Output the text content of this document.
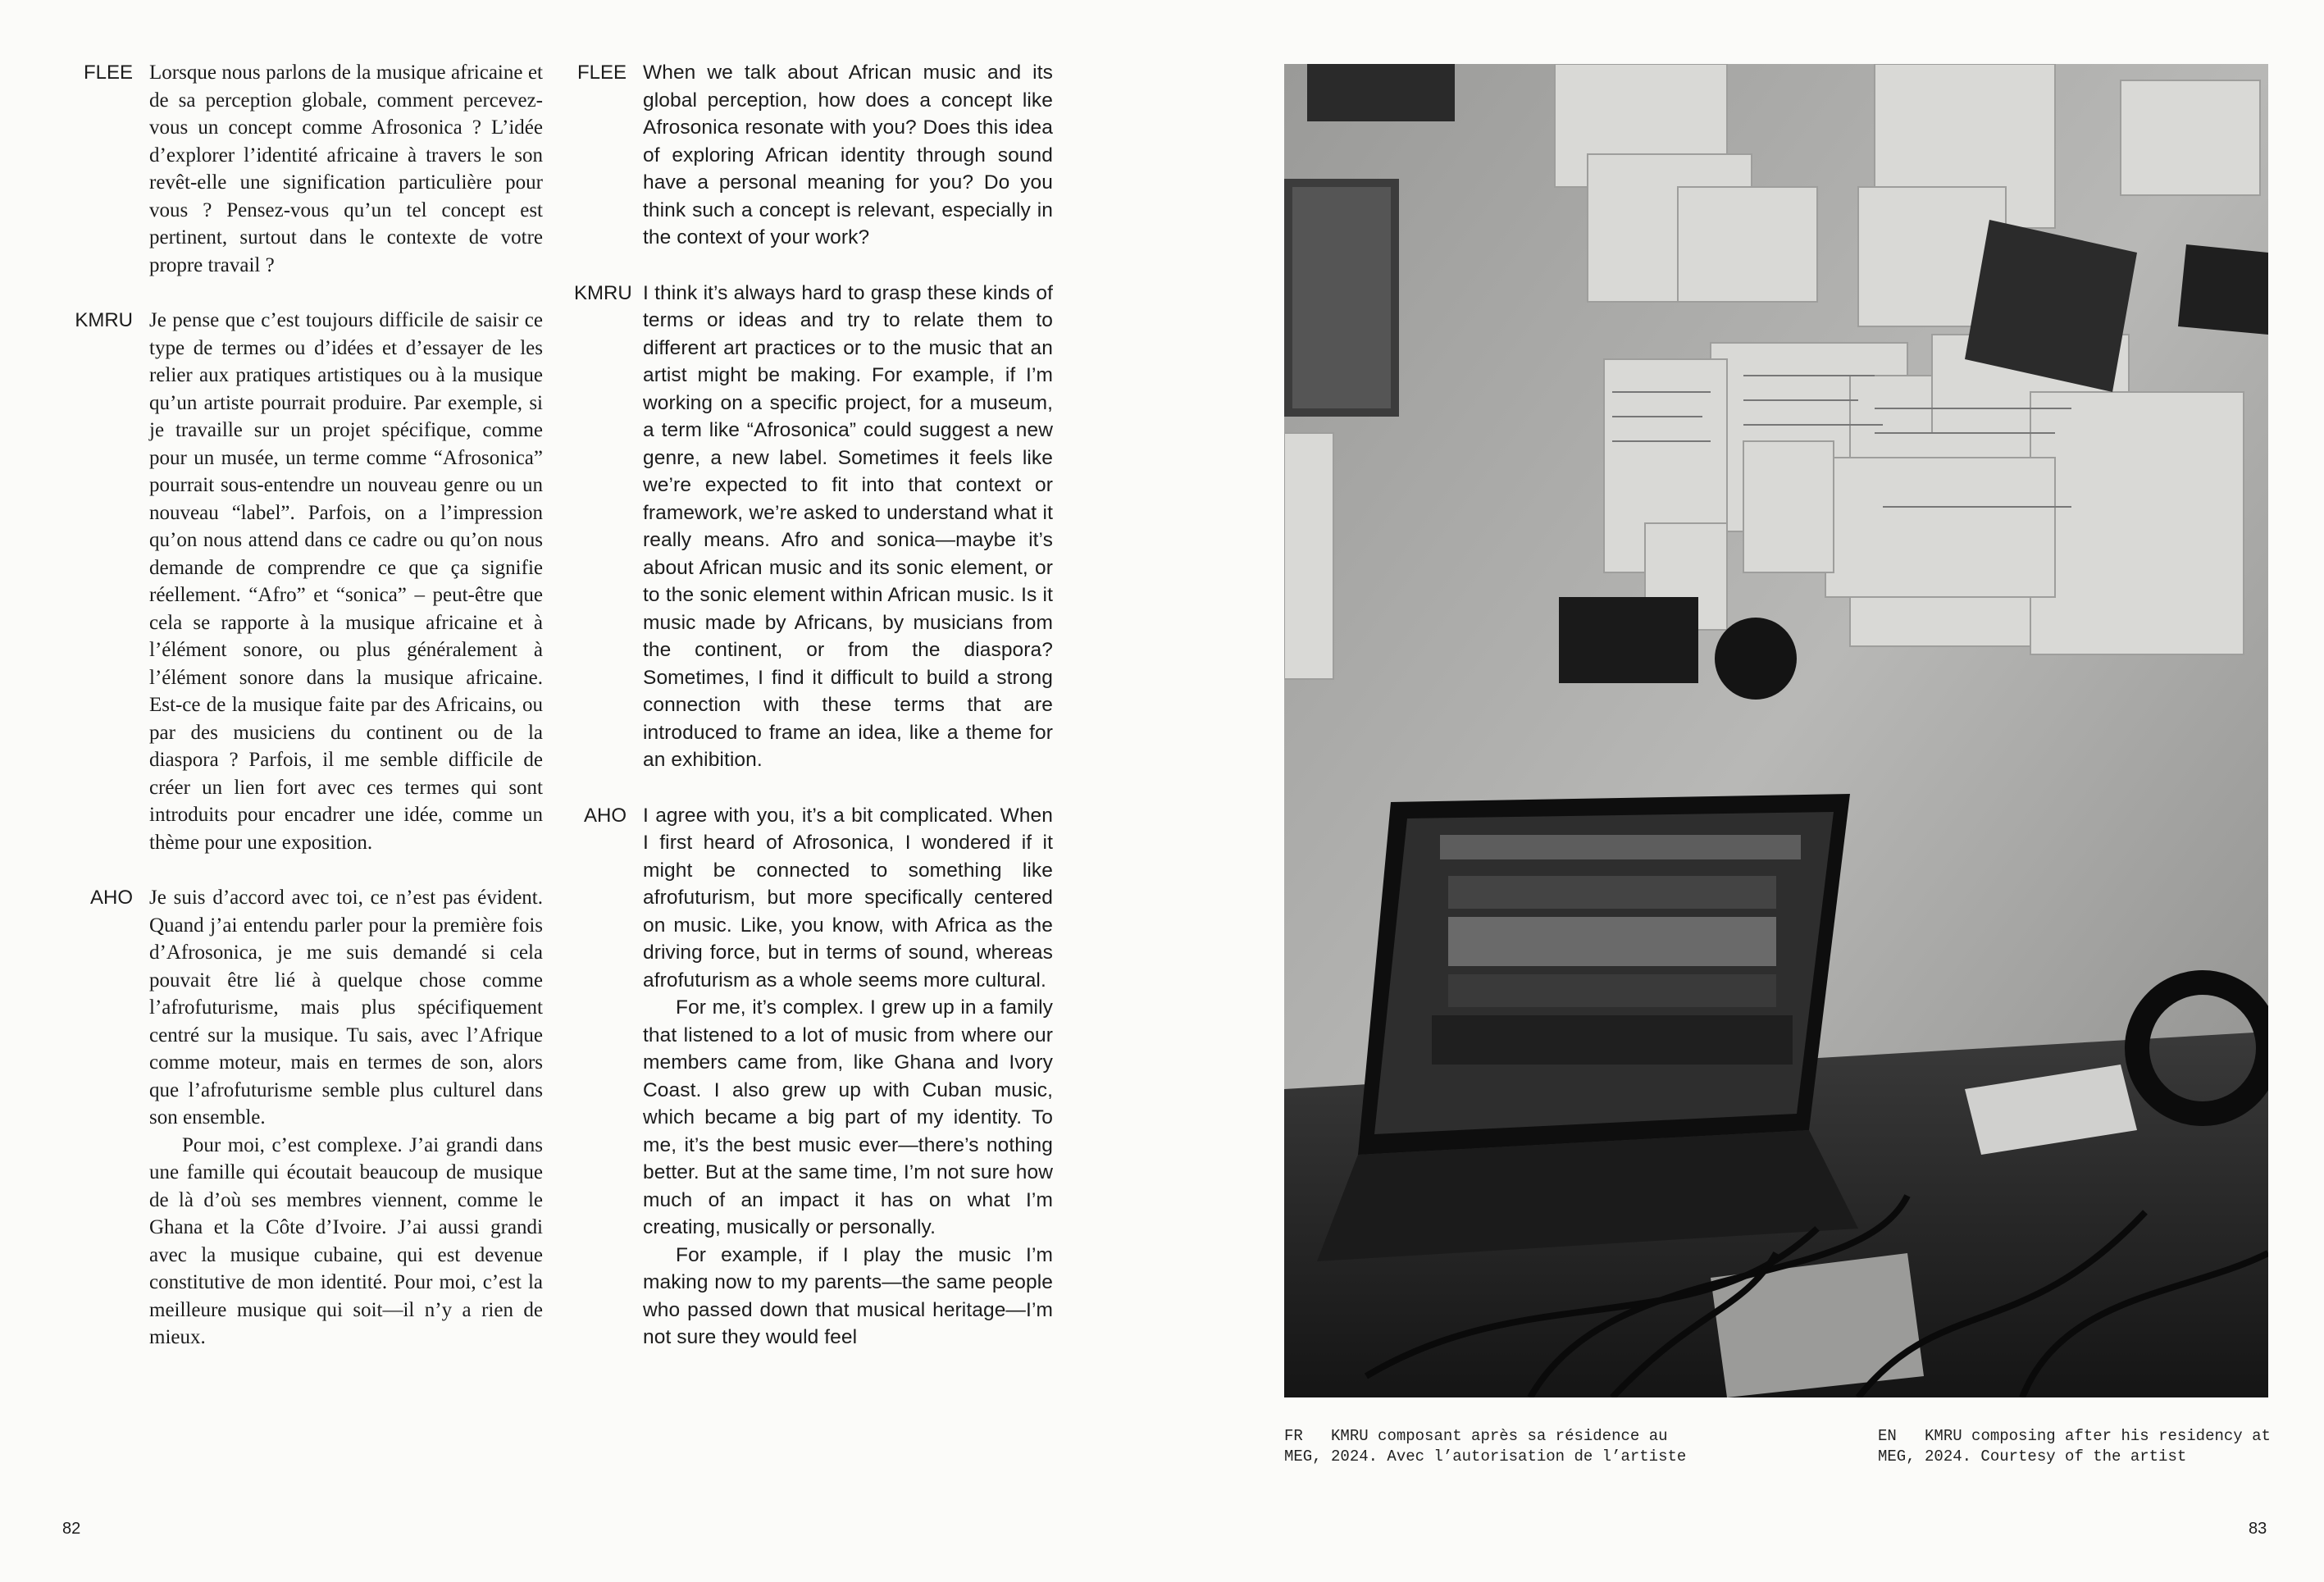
FLEE Lorsque nous parlons de la musique africaine et de sa perception globale, comment percevez-vous un concept comme Afrosonica ? L’idée d’explorer l’identité africaine à travers le son revêt-elle une signification particulière pour vous ? Pensez-vous qu’un tel concept est pertinent, surtout dans le contexte de votre propre travail ?

KMRU Je pense que c’est toujours difficile de saisir ce type de termes ou d’idées et d’essayer de les relier aux pratiques artistiques ou à la musique qu’un artiste pourrait produire. Par exemple, si je travaille sur un projet spécifique, comme pour un musée, un terme comme “Afrosonica” pourrait sous-entendre un nouveau genre ou un nouveau “label”. Parfois, on a l’impression qu’on nous attend dans ce cadre ou qu’on nous demande de comprendre ce que ça signifie réellement. “Afro” et “sonica” – peut-être que cela se rapporte à la musique africaine et à l’élément sonore, ou plus généralement à l’élément sonore dans la musique africaine. Est-ce de la musique faite par des Africains, ou par des musiciens du continent ou de la diaspora ? Parfois, il me semble difficile de créer un lien fort avec ces termes qui sont introduits pour encadrer une idée, comme un thème pour une exposition.

AHO Je suis d’accord avec toi, ce n’est pas évident. Quand j’ai entendu parler pour la première fois d’Afrosonica, je me suis demandé si cela pouvait être lié à quelque chose comme l’afrofuturisme, mais plus spécifiquement centré sur la musique. Tu sais, avec l’Afrique comme moteur, mais en termes de son, alors que l’afrofuturisme semble plus culturel dans son ensemble.

Pour moi, c’est complexe. J’ai grandi dans une famille qui écoutait beaucoup de musique de là d’où ses membres viennent, comme le Ghana et la Côte d’Ivoire. J’ai aussi grandi avec la musique cubaine, qui est devenue constitutive de mon identité. Pour moi, c’est la meilleure musique qui soit—il n’y a rien de mieux.

FLEE When we talk about African music and its global perception, how does a concept like Afrosonica resonate with you? Does this idea of exploring African identity through sound have a personal meaning for you? Do you think such a concept is relevant, especially in the context of your work?

KMRU I think it’s always hard to grasp these kinds of terms or ideas and try to relate them to different art practices or to the music that an artist might be making. For example, if I’m working on a specific project, for a museum, a term like “Afrosonica” could suggest a new genre, a new label. Sometimes it feels like we’re expected to fit into that context or framework, we’re asked to understand what it really means. Afro and sonica—maybe it’s about African music and its sonic element, or to the sonic element within African music. Is it music made by Africans, by musicians from the continent, or from the diaspora? Sometimes, I find it difficult to build a strong connection with these terms that are introduced to frame an idea, like a theme for an exhibition.

AHO I agree with you, it’s a bit complicated. When I first heard of Afrosonica, I wondered if it might be connected to something like afrofuturism, but more specifically centered on music. Like, you know, with Africa as the driving force, but in terms of sound, whereas afrofuturism as a whole seems more cultural.

For me, it’s complex. I grew up in a family that listened to a lot of music from where our members came from, like Ghana and Ivory Coast. I also grew up with Cuban music, which became a big part of my identity. To me, it’s the best music ever—there’s nothing better. But at the same time, I’m not sure how much of an impact it has on what I’m creating, musically or personally.

For example, if I play the music I’m making now to my parents—the same people who passed down that musical heritage—I’m not sure they would feel

82
FR KMRU composant après sa résidence au MEG, 2024. Avec l’autorisation de l’artiste
EN KMRU composing after his residency at MEG, 2024. Courtesy of the artist
83
